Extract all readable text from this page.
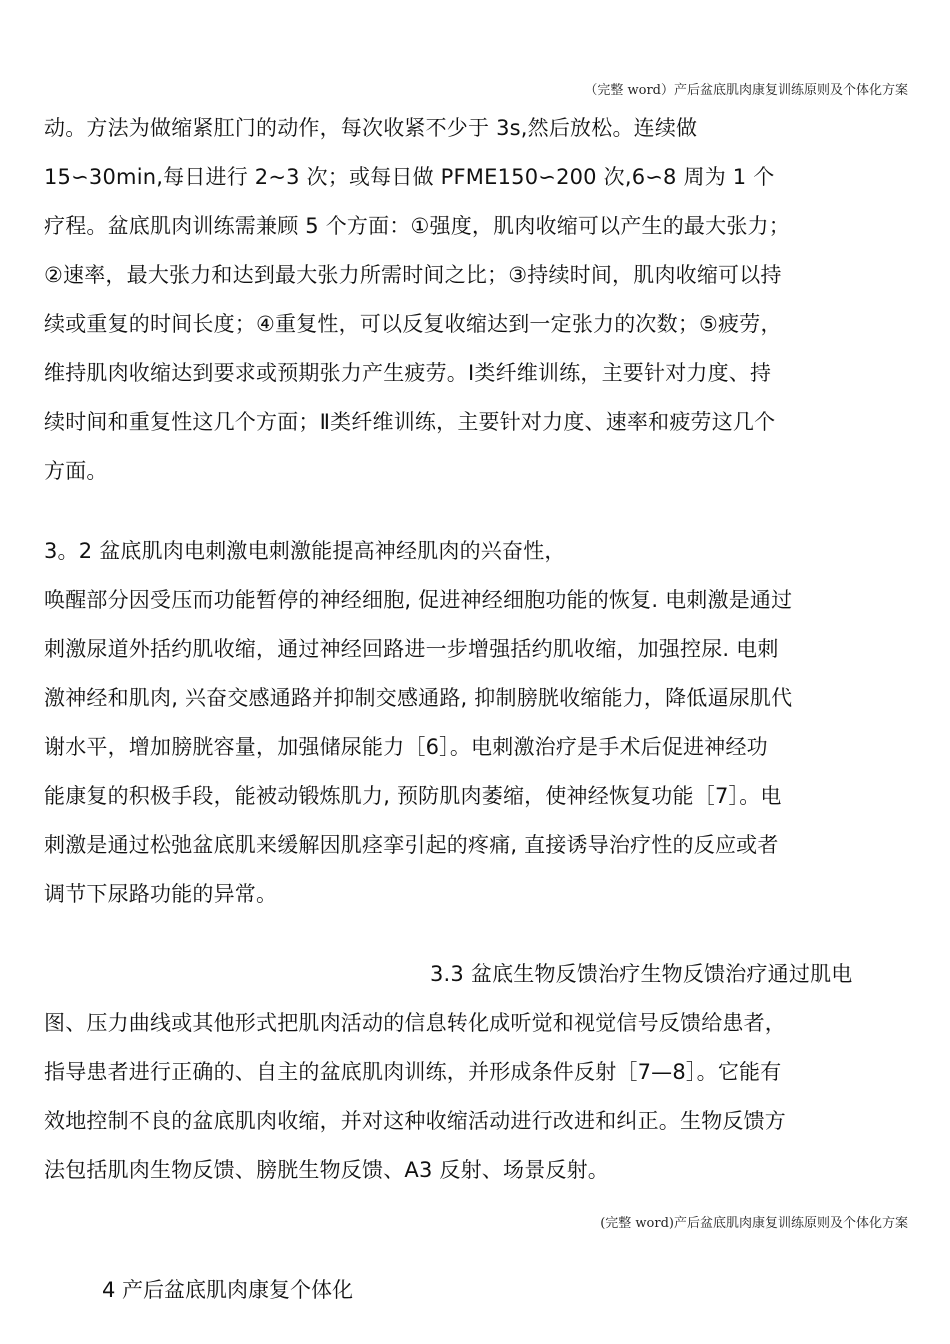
（完整 word）产后盆底肌肉康复训练原则及个体化方案
动。方法为做缩紧肛门的动作，每次收紧不少于 3s,然后放松。连续做
15∽30min,每日进行 2~3 次；或每日做 PFME150∽200 次,6∽8 周为 1 个
疗程。盆底肌肉训练需兼顾 5 个方面：①强度，肌肉收缩可以产生的最大张力；
②速率，最大张力和达到最大张力所需时间之比；③持续时间，肌肉收缩可以持
续或重复的时间长度；④重复性，可以反复收缩达到一定张力的次数；⑤疲劳，
维持肌肉收缩达到要求或预期张力产生疲劳。Ⅰ类纤维训练，主要针对力度、持
续时间和重复性这几个方面；Ⅱ类纤维训练，主要针对力度、速率和疲劳这几个
方面。
3。2 盆底肌肉电刺激电刺激能提高神经肌肉的兴奋性，
唤醒部分因受压而功能暂停的神经细胞, 促进神经细胞功能的恢复. 电刺激是通过
刺激尿道外括约肌收缩，通过神经回路进一步增强括约肌收缩，加强控尿. 电刺
激神经和肌肉, 兴奋交感通路并抑制交感通路, 抑制膀胱收缩能力，降低逼尿肌代
谢水平，增加膀胱容量，加强储尿能力［6］。电刺激治疗是手术后促进神经功
能康复的积极手段，能被动锻炼肌力, 预防肌肉萎缩，使神经恢复功能［7］。电
刺激是通过松弛盆底肌来缓解因肌痉挛引起的疼痛, 直接诱导治疗性的反应或者
调节下尿路功能的异常。
3.3 盆底生物反馈治疗生物反馈治疗通过肌电
图、压力曲线或其他形式把肌肉活动的信息转化成听觉和视觉信号反馈给患者，
指导患者进行正确的、自主的盆底肌肉训练，并形成条件反射［7—8］。它能有
效地控制不良的盆底肌肉收缩，并对这种收缩活动进行改进和纠正。生物反馈方
法包括肌肉生物反馈、膀胱生物反馈、A3 反射、场景反射。
(完整 word)产后盆底肌肉康复训练原则及个体化方案
4 产后盆底肌肉康复个体化
